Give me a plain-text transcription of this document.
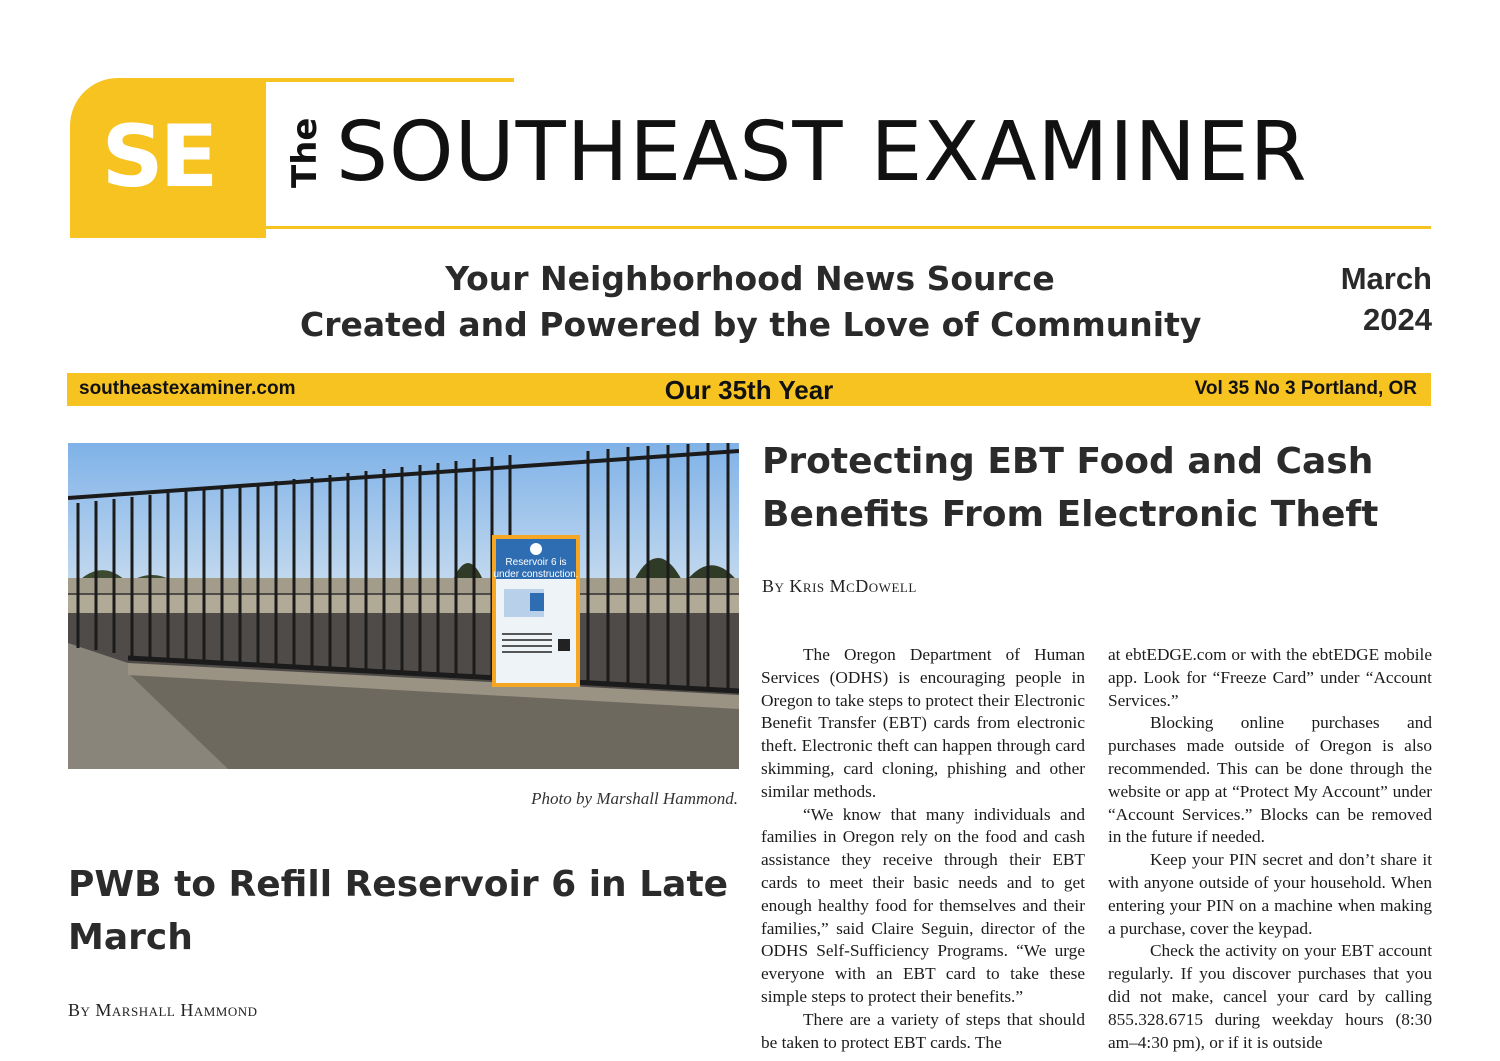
SE	The SOUTHEAST EXAMINER
Your Neighborhood News Source
Created and Powered by the Love of Community
March
2024
southeastexaminer.com	Our 35th Year	Vol 35 No 3 Portland, OR
Reservoir 6 is
under construction.
Photo by Marshall Hammond.
PWB to Refill Reservoir 6 in Late March
By Marshall Hammond
Protecting EBT Food and Cash Benefits From Electronic Theft
By Kris McDowell

The Oregon Department of Human Services (ODHS) is encouraging people in Oregon to take steps to protect their Electronic Benefit Transfer (EBT) cards from electronic theft. Electronic theft can happen through card skimming, card cloning, phishing and other similar methods.

“We know that many individuals and families in Oregon rely on the food and cash assistance they receive through their EBT cards to meet their basic needs and to get enough healthy food for themselves and their families,” said Claire Seguin, director of the ODHS Self-Sufficiency Programs. “We urge everyone with an EBT card to take these simple steps to protect their benefits.”

There are a variety of steps that should be taken to protect EBT cards. The

at ebtEDGE.com or with the ebtEDGE mobile app. Look for “Freeze Card” under “Account Services.”

Blocking online purchases and purchases made outside of Oregon is also recommended. This can be done through the website or app at “Protect My Account” under “Account Services.” Blocks can be removed in the future if needed.

Keep your PIN secret and don’t share it with anyone outside of your household. When entering your PIN on a machine when making a purchase, cover the keypad.

Check the activity on your EBT account regularly. If you discover purchases that you did not make, cancel your card by calling 855.328.6715 during weekday hours (8:30 am–4:30 pm), or if it is outside
